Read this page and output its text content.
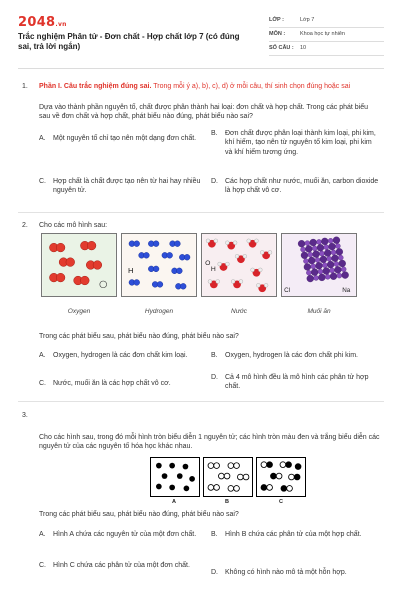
2048.vn
Trắc nghiệm Phân tử - Đơn chất - Hợp chất lớp 7 (có đúng sai, trả lời ngắn)
LỚP :	Lớp 7
MÔN :	Khoa học tự nhiên
SỐ CÂU :	10
1. Phần I. Câu trắc nghiệm đúng sai. Trong mỗi ý a), b), c), d) ở mỗi câu, thí sinh chọn đúng hoặc sai
Dựa vào thành phần nguyên tố, chất được phân thành hai loại: đơn chất và hợp chất. Trong các phát biểu sau về đơn chất và hợp chất, phát biểu nào đúng, phát biểu nào sai?
A.	Một nguyên tố chỉ tạo nên một dạng đơn chất.
B.	Đơn chất được phân loại thành kim loại, phi kim, khí hiếm, tạo nên từ nguyên tố kim loại, phi kim và khí hiếm tương ứng.
C.	Hợp chất là chất được tạo nên từ hai hay nhiều nguyên tử.
D.	Các hợp chất như nước, muối ăn, carbon dioxide là hợp chất vô cơ.
2. Cho các mô hình sau:
H
O
H
Cl	Na
Oxygen	Hydrogen	Nước	Muối ăn
Trong các phát biểu sau, phát biểu nào đúng, phát biểu nào sai?
A.	Oxygen, hydrogen là các đơn chất kim loại.	B.	Oxygen, hydrogen là các đơn chất phi kim.
C.	Nước, muối ăn là các hợp chất vô cơ.
D.	Cả 4 mô hình đều là mô hình các phân tử hợp chất.
3.
Cho các hình sau, trong đó mỗi hình tròn biểu diễn 1 nguyên tử; các hình tròn màu đen và trắng biểu diễn các nguyên tử của các nguyên tố hóa học khác nhau.
A	B	C
Trong các phát biểu sau, phát biểu nào đúng, phát biểu nào sai?
A.	Hình A chứa các nguyên tử của một đơn chất. B.	Hình B chứa các phân tử của một hợp chất.
C.	Hình C chứa các phân tử của một đơn chất.
D.	Không có hình nào mô tả một hỗn hợp.
